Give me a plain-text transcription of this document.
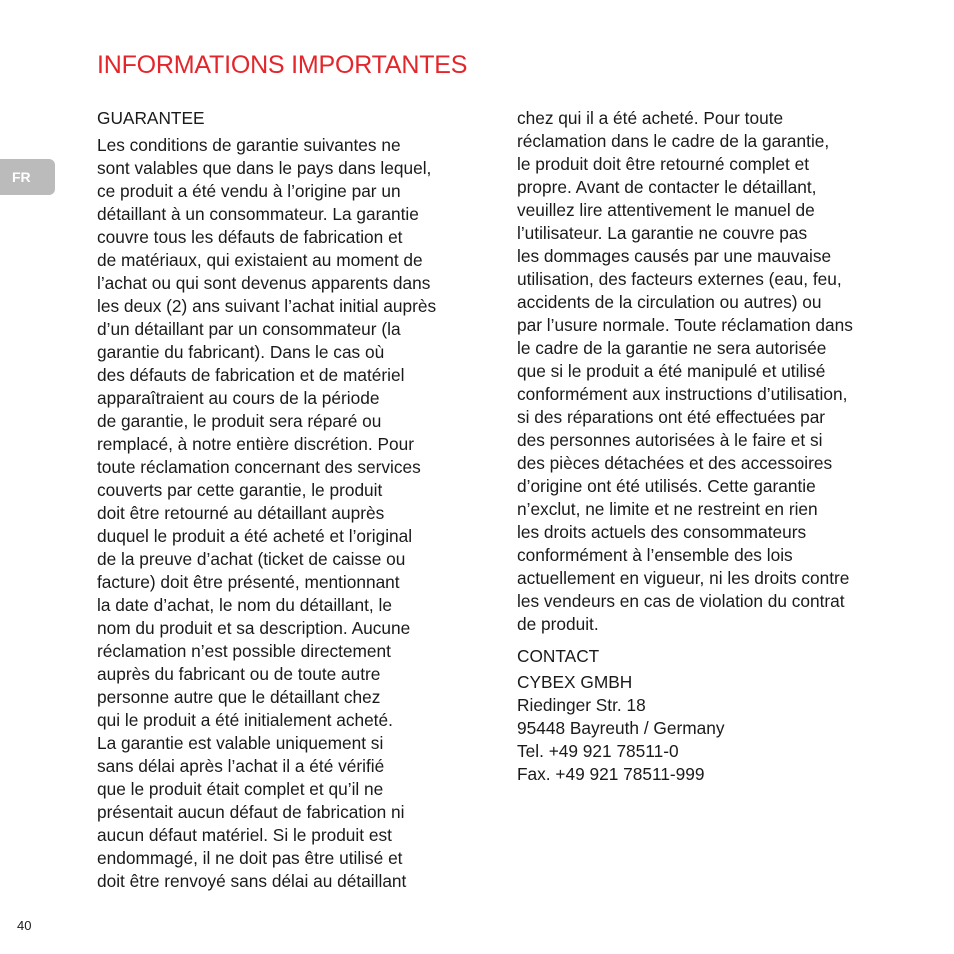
INFORMATIONS IMPORTANTES
FR
GUARANTEE
Les conditions de garantie suivantes ne
sont valables que dans le pays dans lequel,
ce produit a été vendu à l’origine par un
détaillant à un consommateur. La garantie
couvre tous les défauts de fabrication et
de matériaux, qui existaient au moment de
l’achat ou qui sont devenus apparents dans
les deux (2) ans suivant l’achat initial auprès
d’un détaillant par un consommateur (la
garantie du fabricant). Dans le cas où
des défauts de fabrication et de matériel
apparaîtraient au cours de la période
de garantie, le produit sera réparé ou
remplacé, à notre entière discrétion. Pour
toute réclamation concernant des services
couverts par cette garantie, le produit
doit être retourné au détaillant auprès
duquel le produit a été acheté et l’original
de la preuve d’achat (ticket de caisse ou
facture) doit être présenté, mentionnant
la date d’achat, le nom du détaillant, le
nom du produit et sa description. Aucune
réclamation n’est possible directement
auprès du fabricant ou de toute autre
personne autre que le détaillant chez
qui le produit a été initialement acheté.
La garantie est valable uniquement si
sans délai après l’achat il a été vérifié
que le produit était complet et qu’il ne
présentait aucun défaut de fabrication ni
aucun défaut matériel. Si le produit est
endommagé, il ne doit pas être utilisé et
doit être renvoyé sans délai au détaillant
chez qui il a été acheté. Pour toute
réclamation dans le cadre de la garantie,
le produit doit être retourné complet et
propre. Avant de contacter le détaillant,
veuillez lire attentivement le manuel de
l’utilisateur. La garantie ne couvre pas
les dommages causés par une mauvaise
utilisation, des facteurs externes (eau, feu,
accidents de la circulation ou autres) ou
par l’usure normale. Toute réclamation dans
le cadre de la garantie ne sera autorisée
que si le produit a été manipulé et utilisé
conformément aux instructions d’utilisation,
si des réparations ont été effectuées par
des personnes autorisées à le faire et si
des pièces détachées et des accessoires
d’origine ont été utilisés. Cette garantie
n’exclut, ne limite et ne restreint en rien
les droits actuels des consommateurs
conformément à l’ensemble des lois
actuellement en vigueur, ni les droits contre
les vendeurs en cas de violation du contrat
de produit.
CONTACT
CYBEX GMBH
Riedinger Str. 18
95448 Bayreuth / Germany
Tel. +49 921 78511-0
Fax. +49 921 78511-999
40
